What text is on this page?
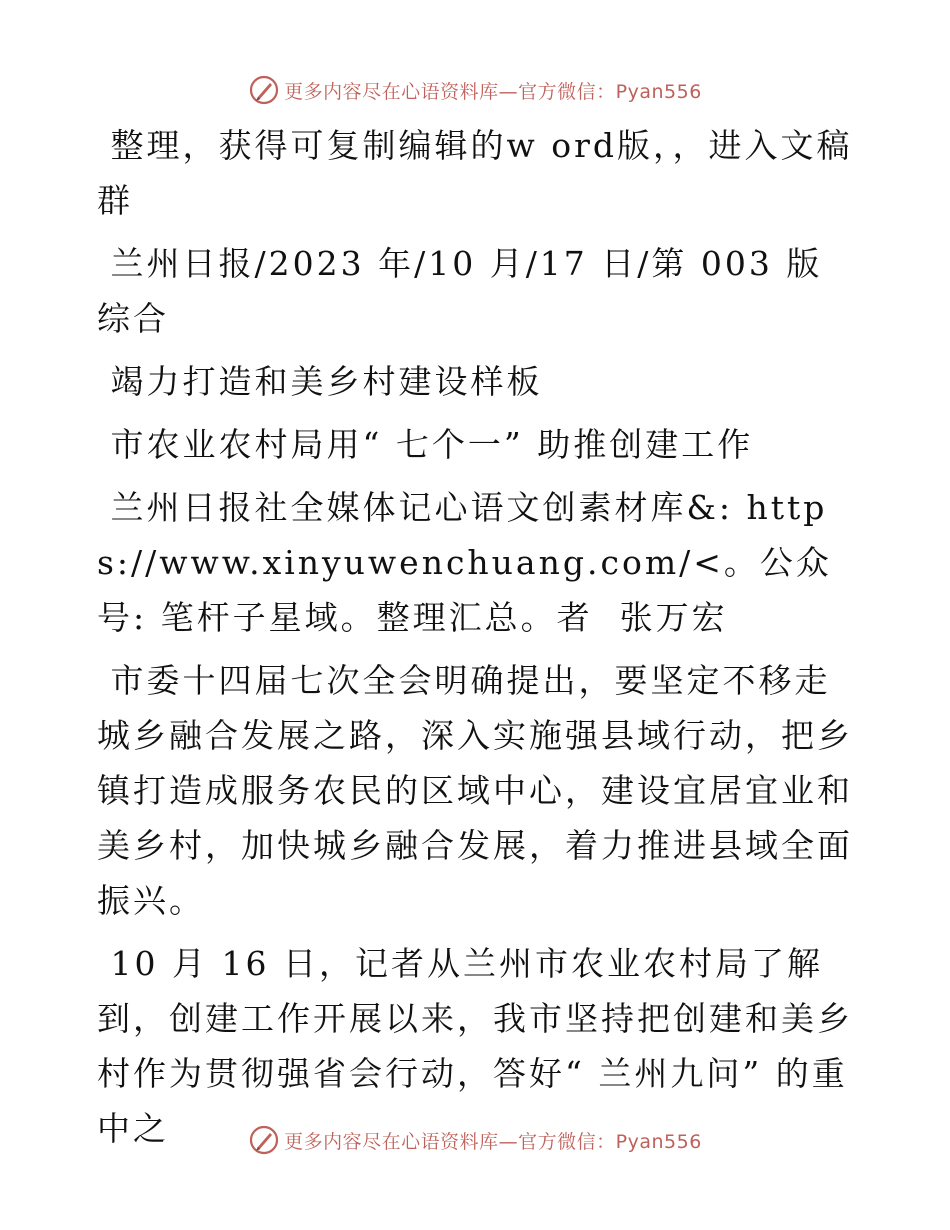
更多内容尽在心语资料库—官方微信：Pyan556

整理，获得可复制编辑的w ord版，，进入文稿群

兰州日报/2023 年/10 月/17 日/第 003 版综合

竭力打造和美乡村建设样板

市农业农村局用“ 七个一” 助推创建工作

兰州日报社全媒体记心语文创素材库&: https://www.xinyuwenchuang.com/<。公众号: 笔杆子星域。整理汇总。者  张万宏

市委十四届七次全会明确提出，要坚定不移走城乡融合发展之路，深入实施强县域行动，把乡镇打造成服务农民的区域中心，建设宜居宜业和美乡村，加快城乡融合发展，着力推进县域全面振兴。

10 月 16 日，记者从兰州市农业农村局了解到，创建工作开展以来，我市坚持把创建和美乡村作为贯彻强省会行动，答好“ 兰州九问” 的重中之	更多内容尽在心语资料库—官方微信：Pyan556
